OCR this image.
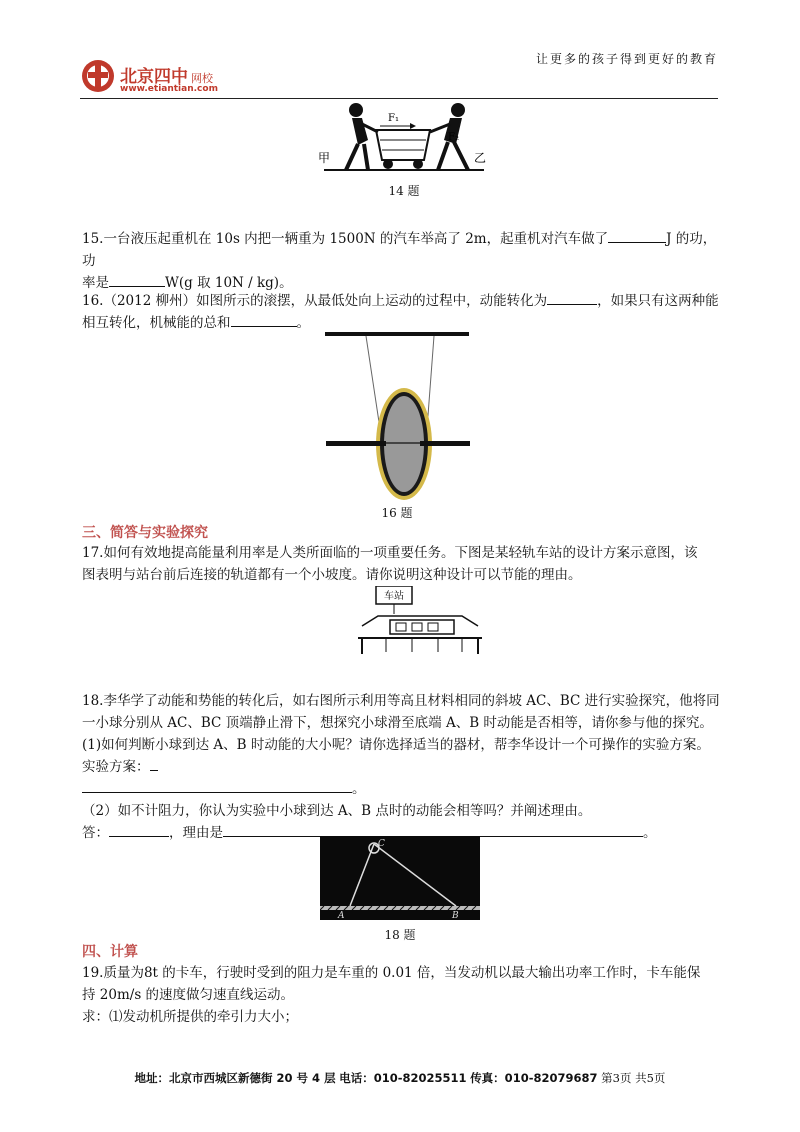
北京四中 网校
www.etiantian.com
让更多的孩子得到更好的教育
F₁
F₂
甲	乙
14 题
15.一台液压起重机在 10s 内把一辆重为 1500N 的汽车举高了 2m，起重机对汽车做了	J 的功，功
率是	W(g 取 10N / kg)。
16.（2012 柳州）如图所示的滚摆，从最低处向上运动的过程中，动能转化为	，如果只有这两种能
相互转化，机械能的总和	。
16 题
三、简答与实验探究
17.如何有效地提高能量利用率是人类所面临的一项重要任务。下图是某轻轨车站的设计方案示意图，该
图表明与站台前后连接的轨道都有一个小坡度。请你说明这种设计可以节能的理由。
车站
18.李华学了动能和势能的转化后，如右图所示利用等高且材料相同的斜坡 AC、BC 进行实验探究，他将同
一小球分别从 AC、BC 顶端静止滑下，想探究小球滑至底端 A、B 时动能是否相等，请你参与他的探究。
(1)如何判断小球到达 A、B 时动能的大小呢？请你选择适当的器材，帮李华设计一个可操作的实验方案。
实验方案：
。
（2）如不计阻力，你认为实验中小球到达 A、B 点时的动能会相等吗？并阐述理由。
答：	，理由是	。
A	B
C
18 题
四、计算
19.质量为8t 的卡车，行驶时受到的阻力是车重的 0.01 倍，当发动机以最大输出功率工作时，卡车能保
持 20m/s 的速度做匀速直线运动。
求：⑴发动机所提供的牵引力大小；
地址：北京市西城区新德街 20 号 4 层 电话：010-82025511 传真：010-82079687 第3页 共5页
